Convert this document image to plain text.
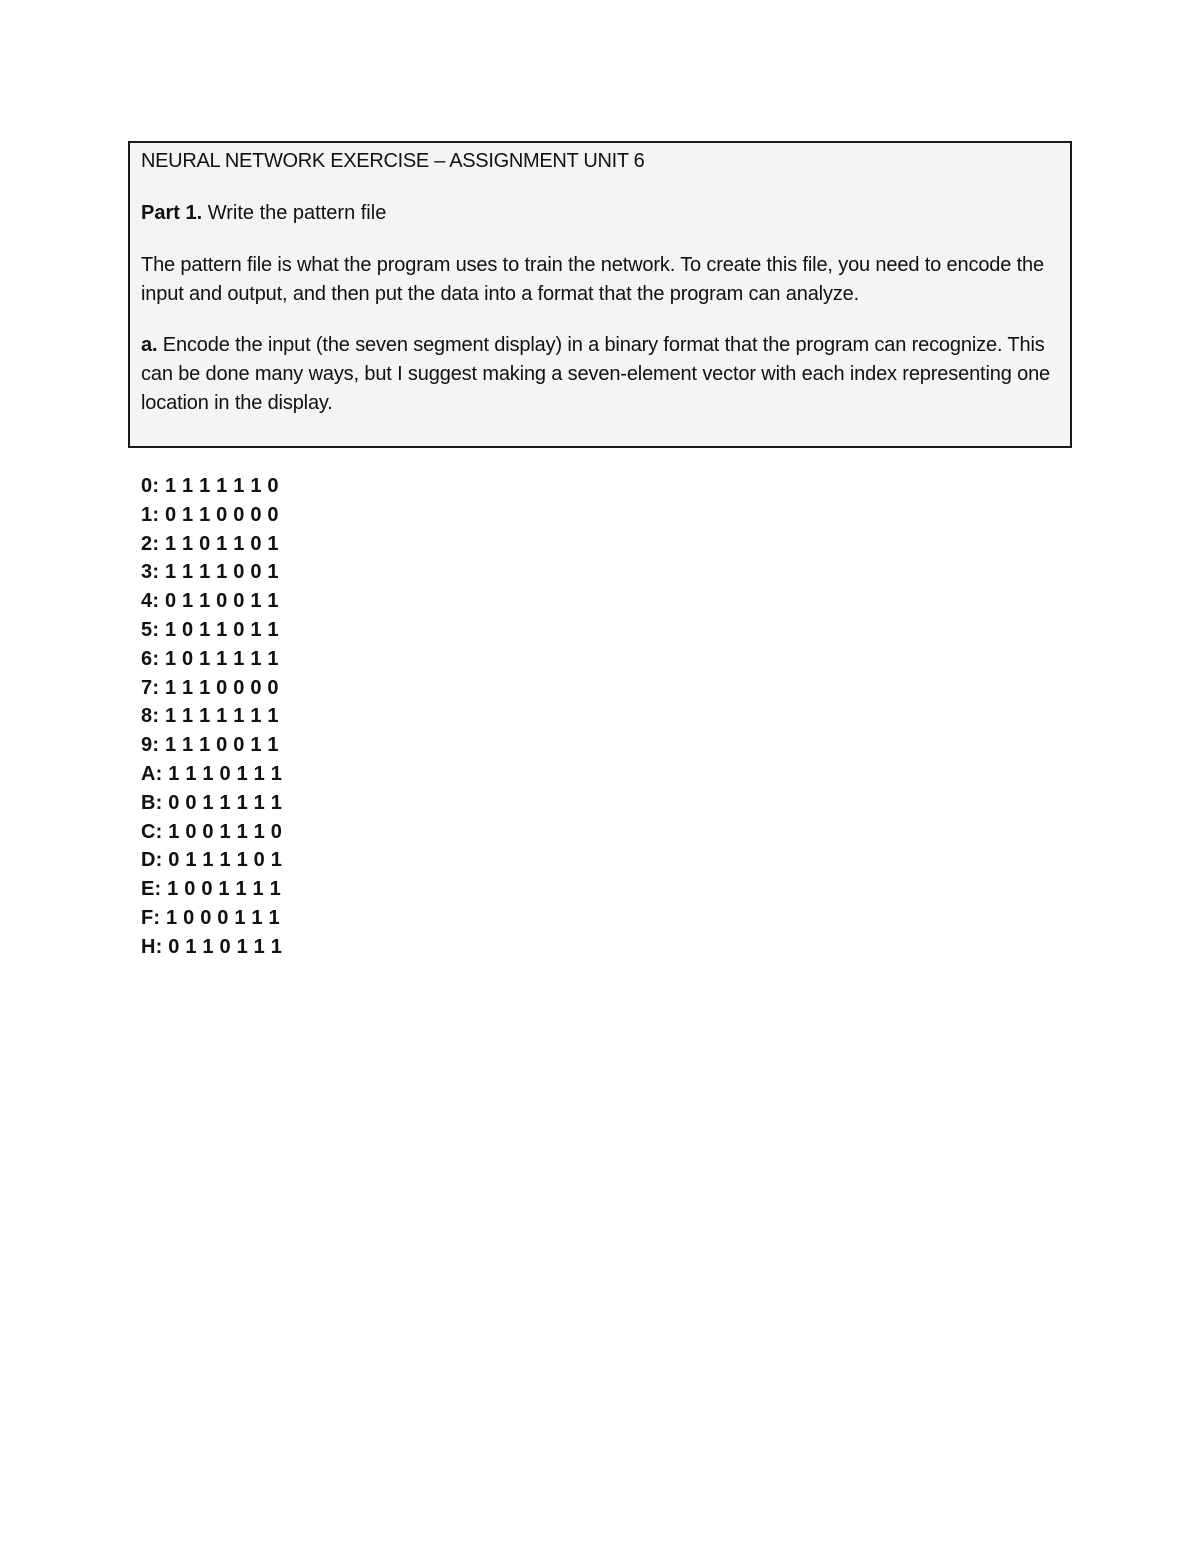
NEURAL NETWORK EXERCISE – ASSIGNMENT UNIT 6
Part 1. Write the pattern file
The pattern file is what the program uses to train the network. To create this file, you need to encode the input and output, and then put the data into a format that the program can analyze.
a. Encode the input (the seven segment display) in a binary format that the program can recognize. This can be done many ways, but I suggest making a seven-element vector with each index representing one location in the display.
0: 1 1 1 1 1 1 0
1: 0 1 1 0 0 0 0
2: 1 1 0 1 1 0 1
3: 1 1 1 1 0 0 1
4: 0 1 1 0 0 1 1
5: 1 0 1 1 0 1 1
6: 1 0 1 1 1 1 1
7: 1 1 1 0 0 0 0
8: 1 1 1 1 1 1 1
9: 1 1 1 0 0 1 1
A: 1 1 1 0 1 1 1
B: 0 0 1 1 1 1 1
C: 1 0 0 1 1 1 0
D: 0 1 1 1 1 0 1
E: 1 0 0 1 1 1 1
F: 1 0 0 0 1 1 1
H: 0 1 1 0 1 1 1
